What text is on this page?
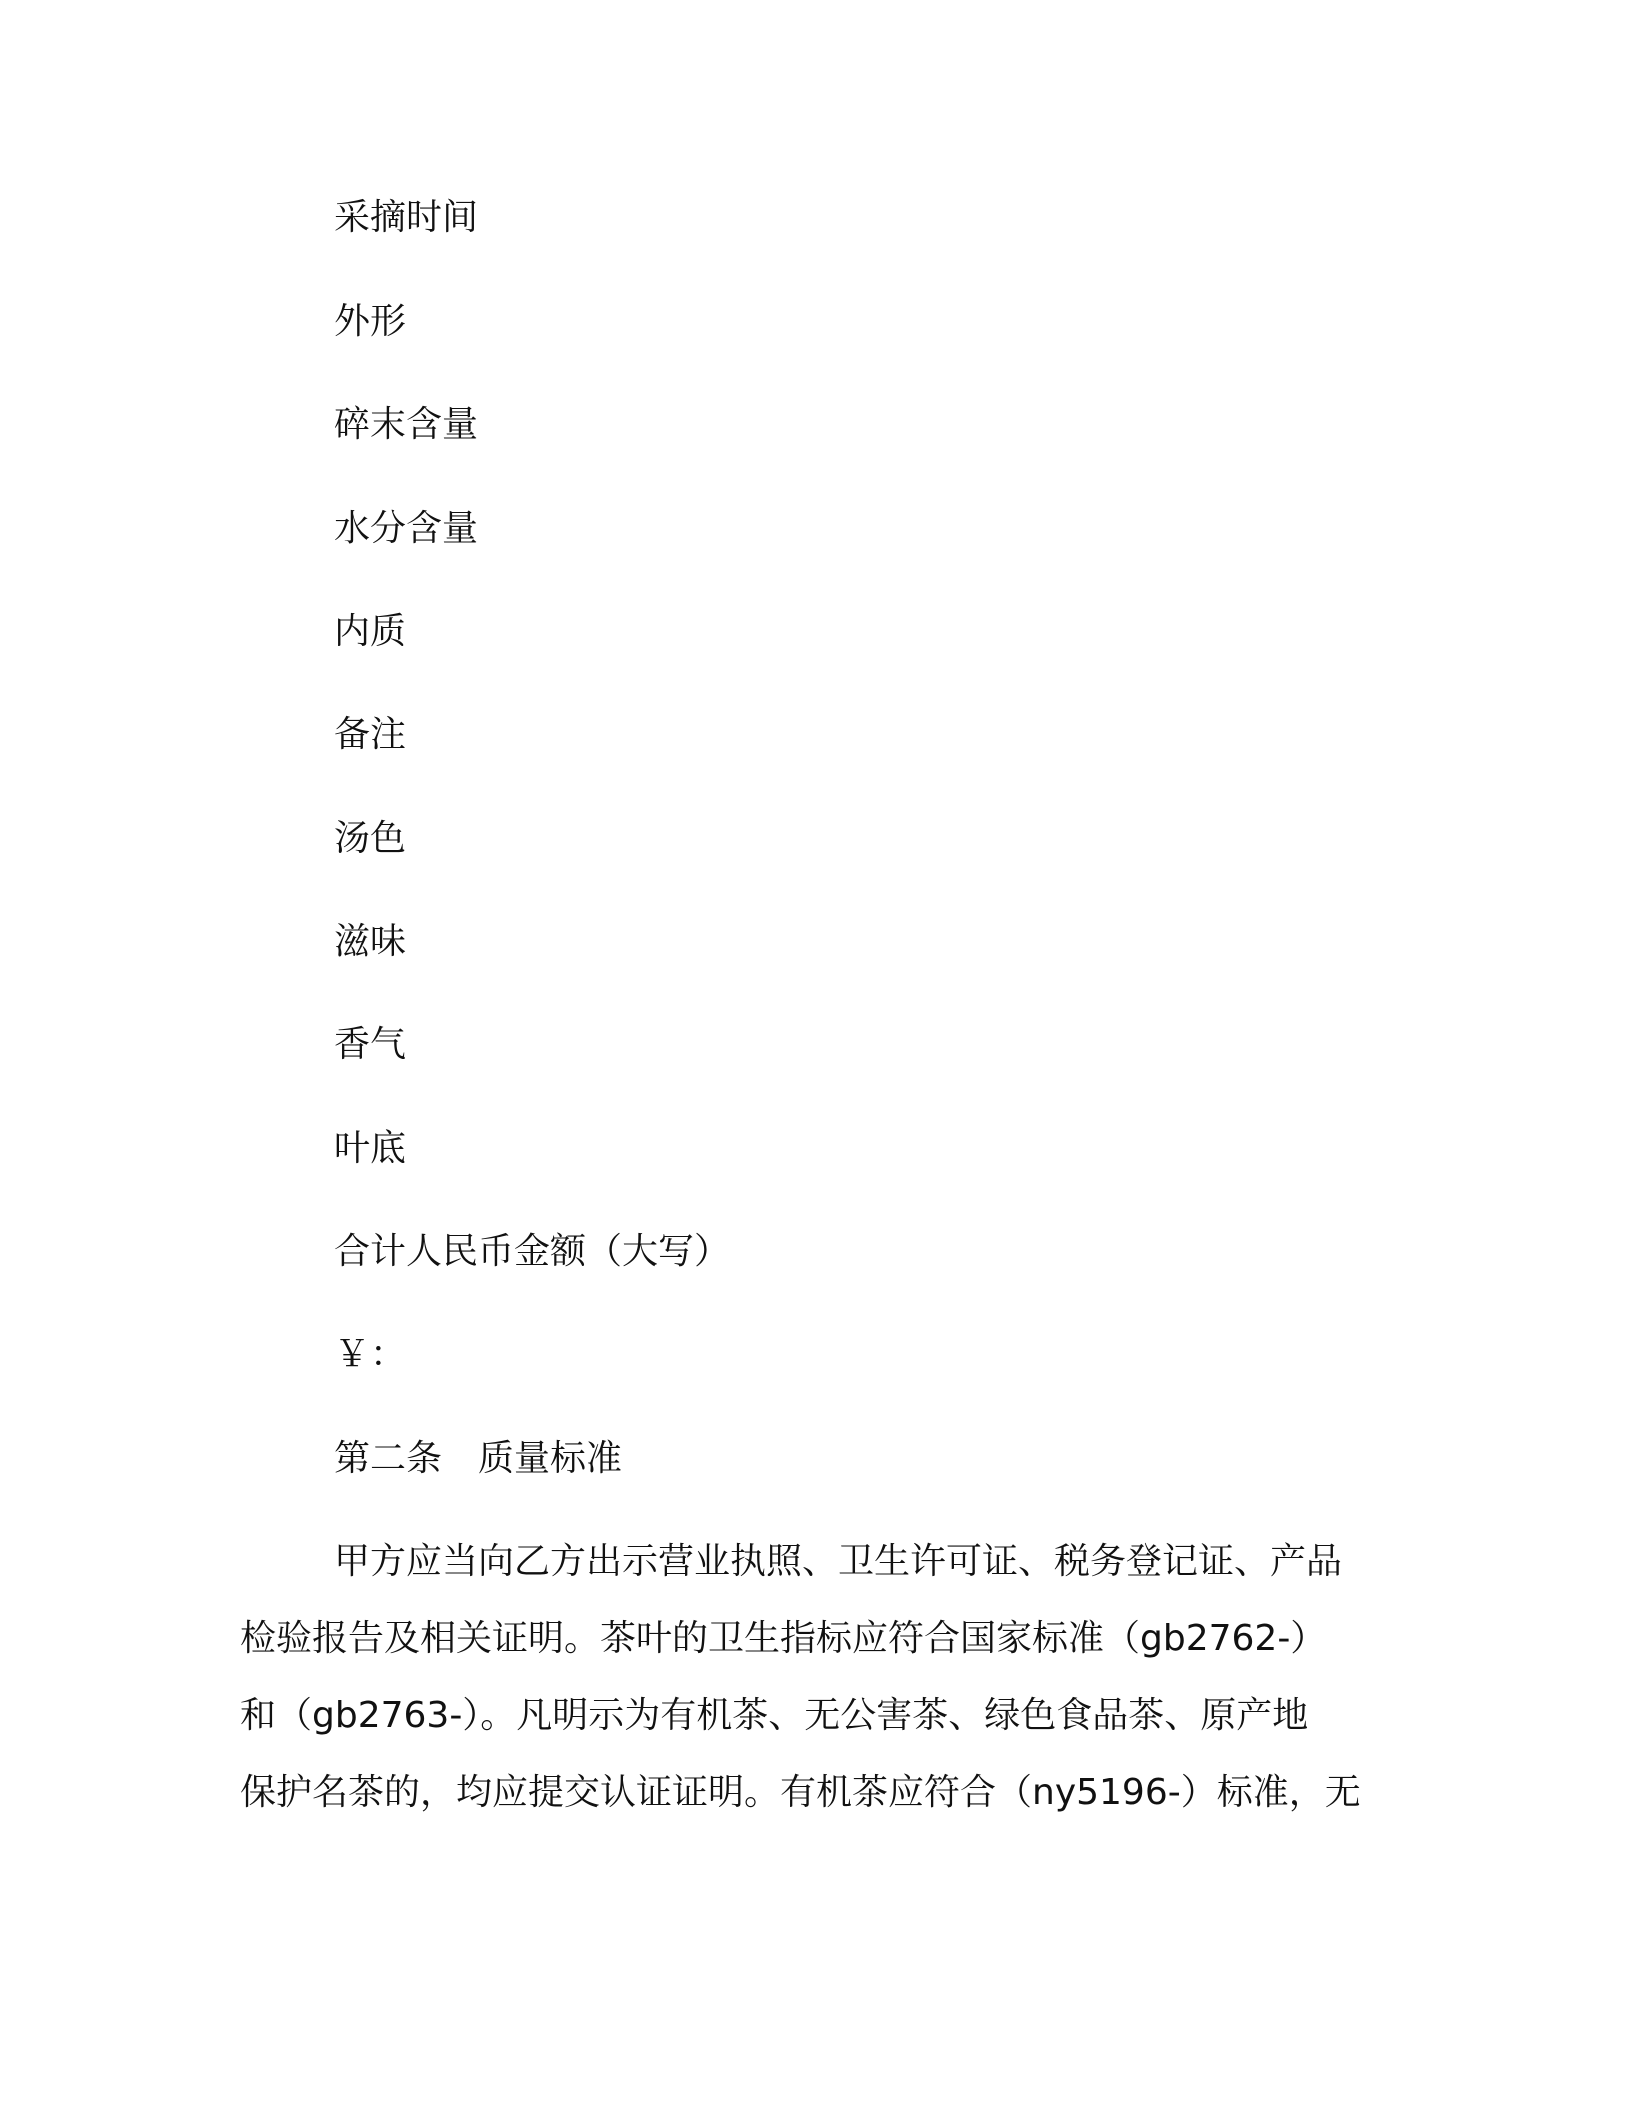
采摘时间
外形
碎末含量
水分含量
内质
备注
汤色
滋味
香气
叶底
合计人民币金额（大写）
￥：
第二条　质量标准
甲方应当向乙方出示营业执照、卫生许可证、税务登记证、产品
检验报告及相关证明。茶叶的卫生指标应符合国家标准（gb2762-）
和（gb2763-）。凡明示为有机茶、无公害茶、绿色食品茶、原产地
保护名茶的，均应提交认证证明。有机茶应符合（ny5196-）标准，无
